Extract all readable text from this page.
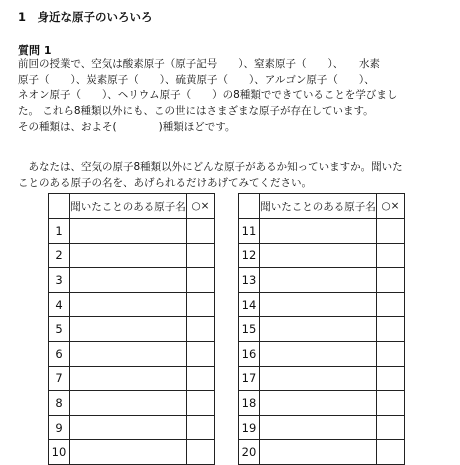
1　身近な原子のいろいろ
質問 1
前回の授業で、空気は酸素原子（原子記号　　）、窒素原子（　　）、　　水素
原子（　　）、炭素原子（　　）、硫黄原子（　　）、アルゴン原子（　　）、
ネオン原子（　　）、ヘリウム原子（　　）の8種類でできていることを学びまし
た。 これら8種類以外にも、この世にはさまざまな原子が存在しています。
その種類は、およそ(　　　　)種類ほどです。
　あなたは、空気の原子8種類以外にどんな原子があるか知っていますか。聞いた
ことのある原子の名を、あげられるだけあげてみてください。
	聞いたことのある原子名	○×
1		
2		
3		
4		
5		
6		
7		
8		
9		
10		
	聞いたことのある原子名	○×
11		
12		
13		
14		
15		
16		
17		
18		
19		
20		
